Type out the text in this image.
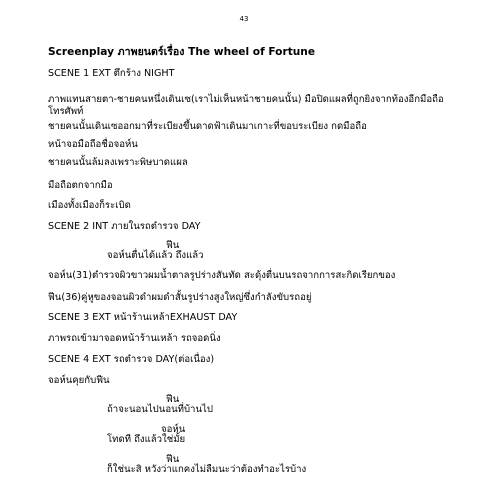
43
Screenplay ภาพยนตร์เรื่อง The wheel of Fortune
SCENE 1 EXT ตึกร้าง NIGHT
ภาพแทนสายตา-ชายคนหนึ่งเดินเซ(เราไม่เห็นหน้าชายคนนั้น) มือปิดแผลที่ถูกยิงจากท้องอีกมือถือ
โทรศัพท์
ชายคนนั้นเดินเซออกมาที่ระเบียงขึ้นดาดฟ้าเดินมาเกาะที่ขอบระเบียง กดมือถือ
หน้าจอมือถือชื่อจอห์น
ชายคนนั้นล้มลงเพราะพิษบาดแผล
มือถือตกจากมือ
เมืองทั้งเมืองก็ระเบิด
SCENE 2 INT ภายในรถตำรวจ DAY
ฟีน
จอห์นตื่นได้แล้ว ถึงแล้ว
จอห์น(31)ตำรวจผิวขาวผมน้ำตาลรูปร่างสันทัด สะดุ้งตื่นบนรถจากการสะกิดเรียกของ
ฟีน(36)คู่หูของจอนผิวดำผมดำสั้นรูปร่างสูงใหญ่ซึ่งกำลังขับรถอยู่
SCENE 3 EXT หน้าร้านเหล้าEXHAUST DAY
ภาพรถเข้ามาจอดหน้าร้านเหล้า รถจอดนิ่ง
SCENE 4 EXT รถตำรวจ DAY(ต่อเนื่อง)
จอห์นคุยกับฟีน
ฟีน
ถ้าจะนอนไปนอนที่บ้านไป
จอห์น
โทดที ถึงแล้วใช่มั้ย
ฟีน
ก็ใช่นะสิ หวังว่าแกคงไม่ลืมนะว่าต้องทำอะไรบ้าง
